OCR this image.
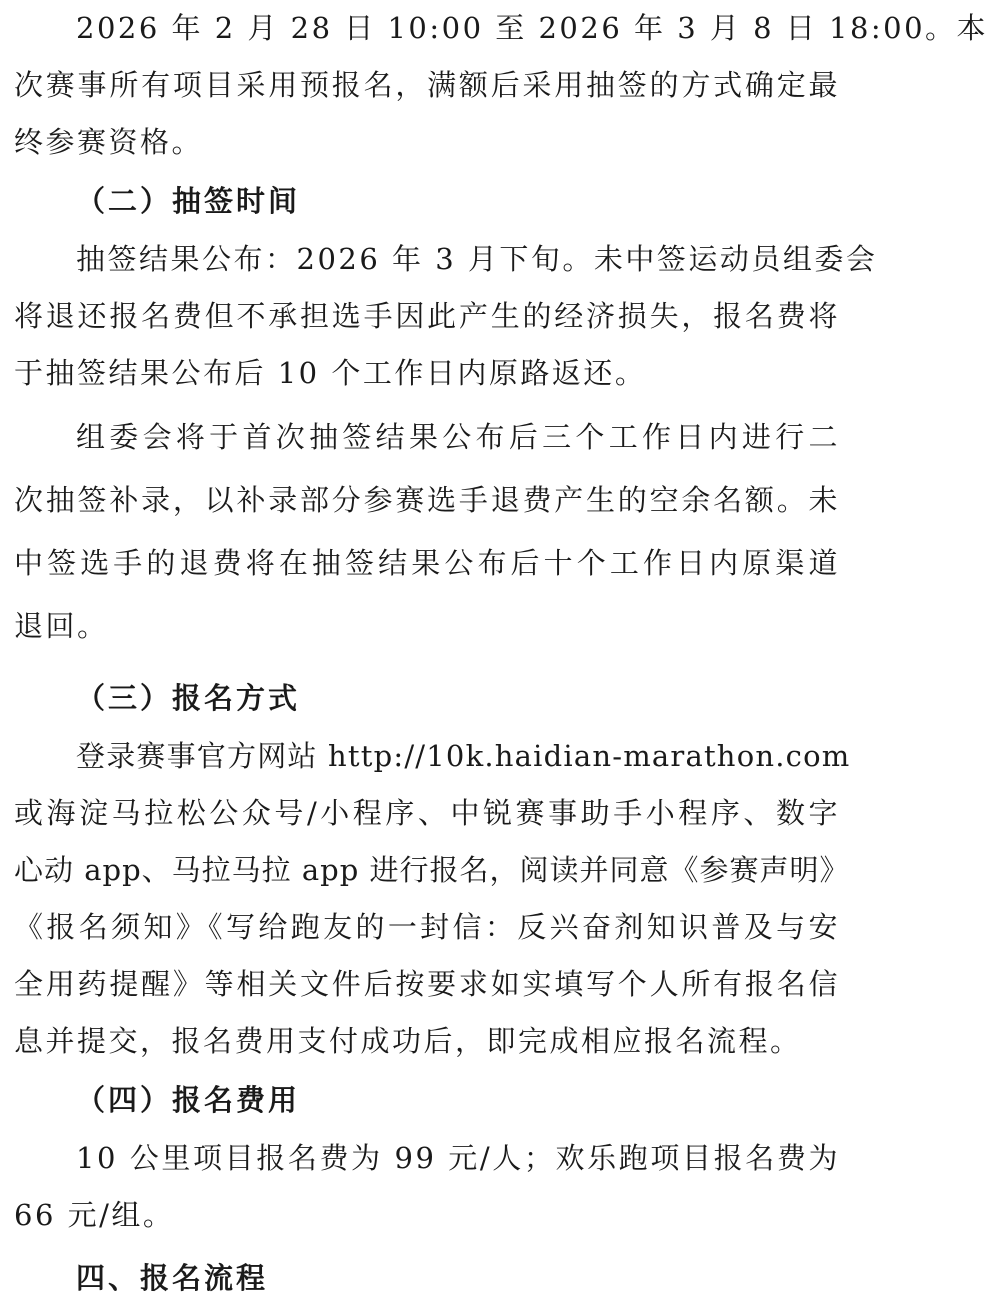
2026 年 2 月 28 日 10:00 至 2026 年 3 月 8 日 18:00。本
次赛事所有项目采用预报名，满额后采用抽签的方式确定最
终参赛资格。
（二）抽签时间
抽签结果公布：2026 年 3 月下旬。未中签运动员组委会
将退还报名费但不承担选手因此产生的经济损失，报名费将
于抽签结果公布后 10 个工作日内原路返还。
组委会将于首次抽签结果公布后三个工作日内进行二
次抽签补录，以补录部分参赛选手退费产生的空余名额。未
中签选手的退费将在抽签结果公布后十个工作日内原渠道
退回。
（三）报名方式
登录赛事官方网站 http://10k.haidian-marathon.com
或海淀马拉松公众号/小程序、中锐赛事助手小程序、数字
心动 app、马拉马拉 app 进行报名，阅读并同意《参赛声明》
《报名须知》《写给跑友的一封信：反兴奋剂知识普及与安
全用药提醒》等相关文件后按要求如实填写个人所有报名信
息并提交，报名费用支付成功后，即完成相应报名流程。
（四）报名费用
10 公里项目报名费为 99 元/人；欢乐跑项目报名费为
66 元/组。
四、报名流程
